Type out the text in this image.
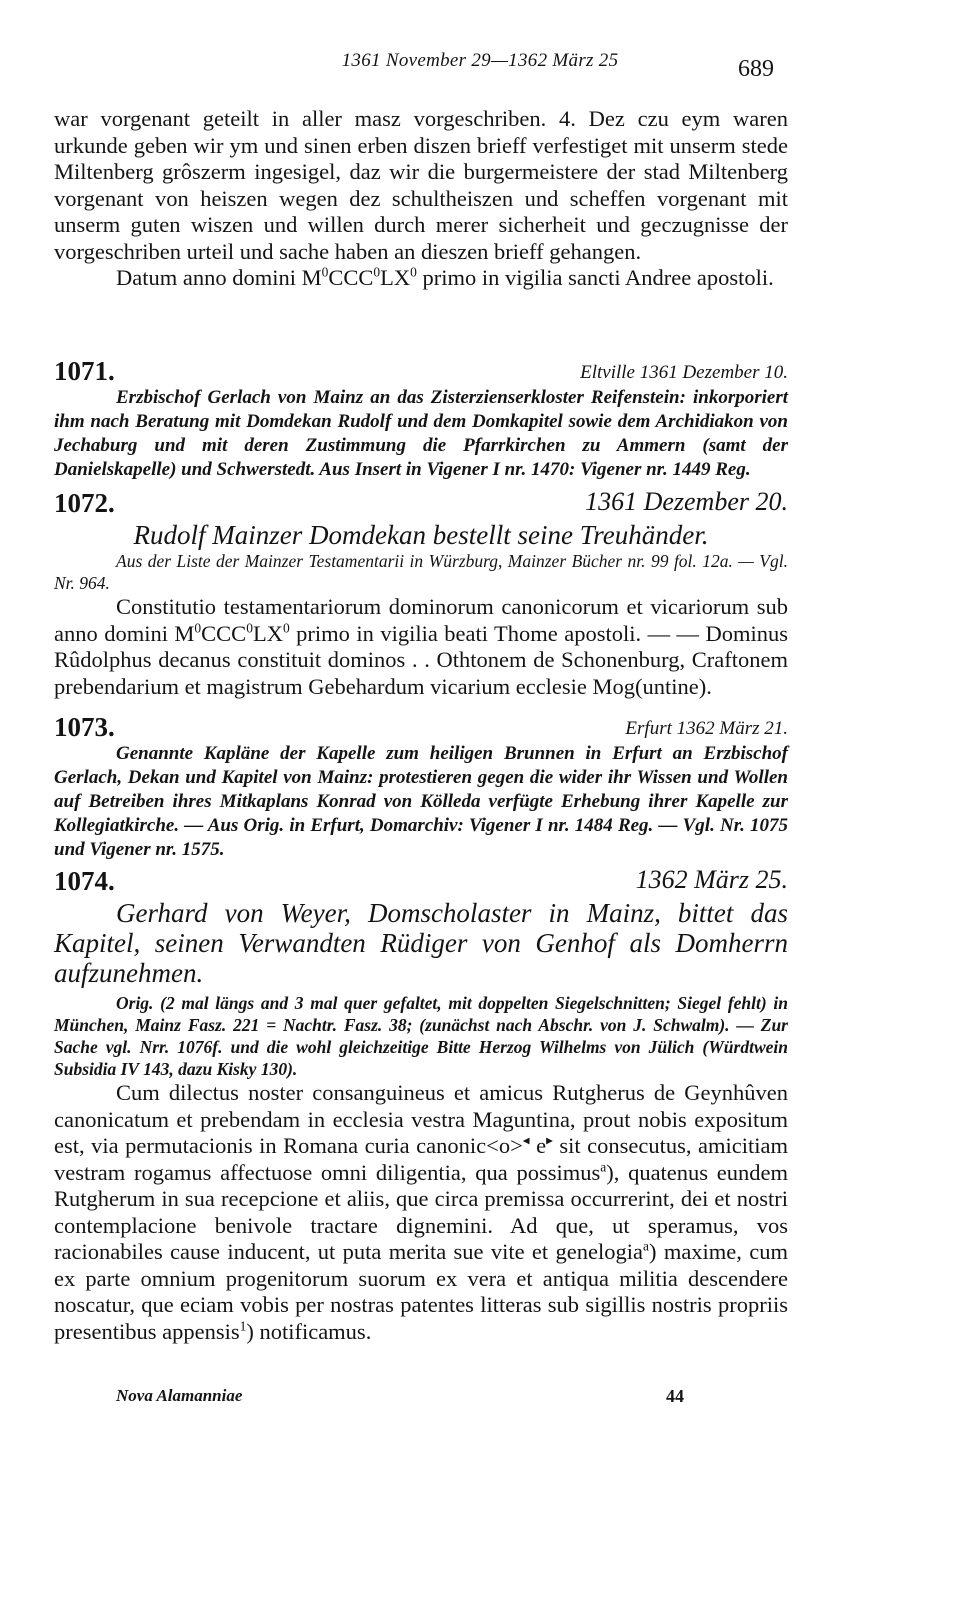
1361 November 29—1362 März 25	689

war vorgenant geteilt in aller masz vorgeschriben. 4. Dez czu eym waren urkunde geben wir ym und sinen erben diszen brieff verfestiget mit unserm stede Miltenberg grôszerm ingesigel, daz wir die burgermeistere der stad Miltenberg vorgenant von heiszen wegen dez schultheiszen und scheffen vorgenant mit unserm guten wiszen und willen durch merer sicherheit und geczugnisse der vorgeschriben urteil und sache haben an dieszen brieff gehangen.

Datum anno domini $M^0CCC^0LX^0$ primo in vigilia sancti Andree apostoli.

1071.	Eltville 1361 Dezember 10.

Erzbischof Gerlach von Mainz an das Zisterzienserkloster Reifenstein: inkorporiert ihm nach Beratung mit Domdekan Rudolf und dem Domkapitel sowie dem Archidiakon von Jechaburg und mit deren Zustimmung die Pfarrkirchen zu Ammern (samt der Danielskapelle) und Schwerstedt. Aus Insert in Vigener I nr. 1470: Vigener nr. 1449 Reg.

1072.	1361 Dezember 20.

Rudolf Mainzer Domdekan bestellt seine Treuhänder.

Aus der Liste der Mainzer Testamentarii in Würzburg, Mainzer Bücher nr. 99 fol. 12a. — Vgl. Nr. 964.

Constitutio testamentariorum dominorum canonicorum et vicariorum sub anno domini $M^0CCC^0LX^0$ primo in vigilia beati Thome apostoli. — — Dominus Rûdolphus decanus constituit dominos . . Othtonem de Schonenburg, Craftonem prebendarium et magistrum Gebehardum vicarium ecclesie Mog(untine).

1073.	Erfurt 1362 März 21.

Genannte Kapläne der Kapelle zum heiligen Brunnen in Erfurt an Erzbischof Gerlach, Dekan und Kapitel von Mainz: protestieren gegen die wider ihr Wissen und Wollen auf Betreiben ihres Mitkaplans Konrad von Kölleda verfügte Erhebung ihrer Kapelle zur Kollegiatkirche. — Aus Orig. in Erfurt, Domarchiv: Vigener I nr. 1484 Reg. — Vgl. Nr. 1075 und Vigener nr. 1575.

1074.	1362 März 25.

Gerhard von Weyer, Domscholaster in Mainz, bittet das Kapitel, seinen Verwandten Rüdiger von Genhof als Domherrn aufzunehmen.

Orig. (2 mal längs and 3 mal quer gefaltet, mit doppelten Siegelschnitten; Siegel fehlt) in München, Mainz Fasz. 221 = Nachtr. Fasz. 38; (zunächst nach Abschr. von J. Schwalm). — Zur Sache vgl. Nrr. 1076f. und die wohl gleichzeitige Bitte Herzog Wilhelms von Jülich (Würdtwein Subsidia IV 143, dazu Kisky 130).

Cum dilectus noster consanguineus et amicus Rutgherus de Geynhûven canonicatum et prebendam in ecclesia vestra Maguntina, prout nobis expositum est, via permutacionis in Romana curia canonic<o>◂ e▸ sit consecutus, amicitiam vestram rogamus affectuose omni diligentia, qua possimus$^a$), quatenus eundem Rutgherum in sua recepcione et aliis, que circa premissa occurrerint, dei et nostri contemplacione benivole tractare dignemini. Ad que, ut speramus, vos racionabiles cause inducent, ut puta merita sue vite et genelogia$^a$) maxime, cum ex parte omnium progenitorum suorum ex vera et antiqua militia descendere noscatur, que eciam vobis per nostras patentes litteras sub sigillis nostris propriis presentibus appensis$^1$) notificamus.

Nova Alamanniae	44
